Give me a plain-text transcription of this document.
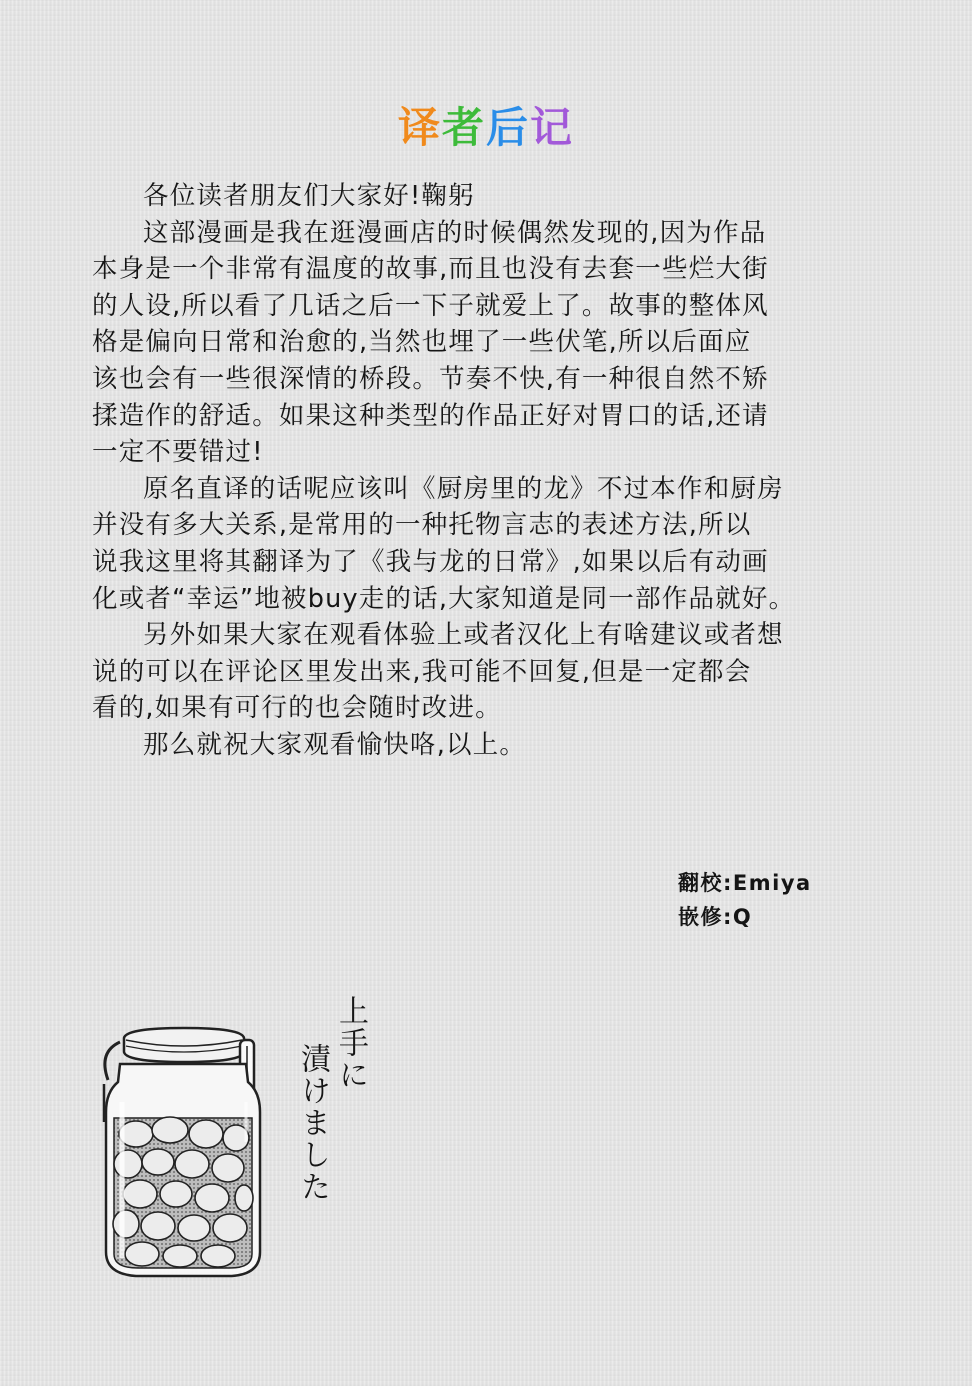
译者后记

各位读者朋友们大家好!鞠躬

这部漫画是我在逛漫画店的时候偶然发现的,因为作品

本身是一个非常有温度的故事,而且也没有去套一些烂大街

的人设,所以看了几话之后一下子就爱上了。故事的整体风

格是偏向日常和治愈的,当然也埋了一些伏笔,所以后面应

该也会有一些很深情的桥段。节奏不快,有一种很自然不矫

揉造作的舒适。如果这种类型的作品正好对胃口的话,还请

一定不要错过!

原名直译的话呢应该叫《厨房里的龙》不过本作和厨房

并没有多大关系,是常用的一种托物言志的表述方法,所以

说我这里将其翻译为了《我与龙的日常》,如果以后有动画

化或者“幸运”地被buy走的话,大家知道是同一部作品就好。

另外如果大家在观看体验上或者汉化上有啥建议或者想

说的可以在评论区里发出来,我可能不回复,但是一定都会

看的,如果有可行的也会随时改进。

那么就祝大家观看愉快咯,以上。

翻校:Emiya
嵌修:Q
上手に
漬けました
